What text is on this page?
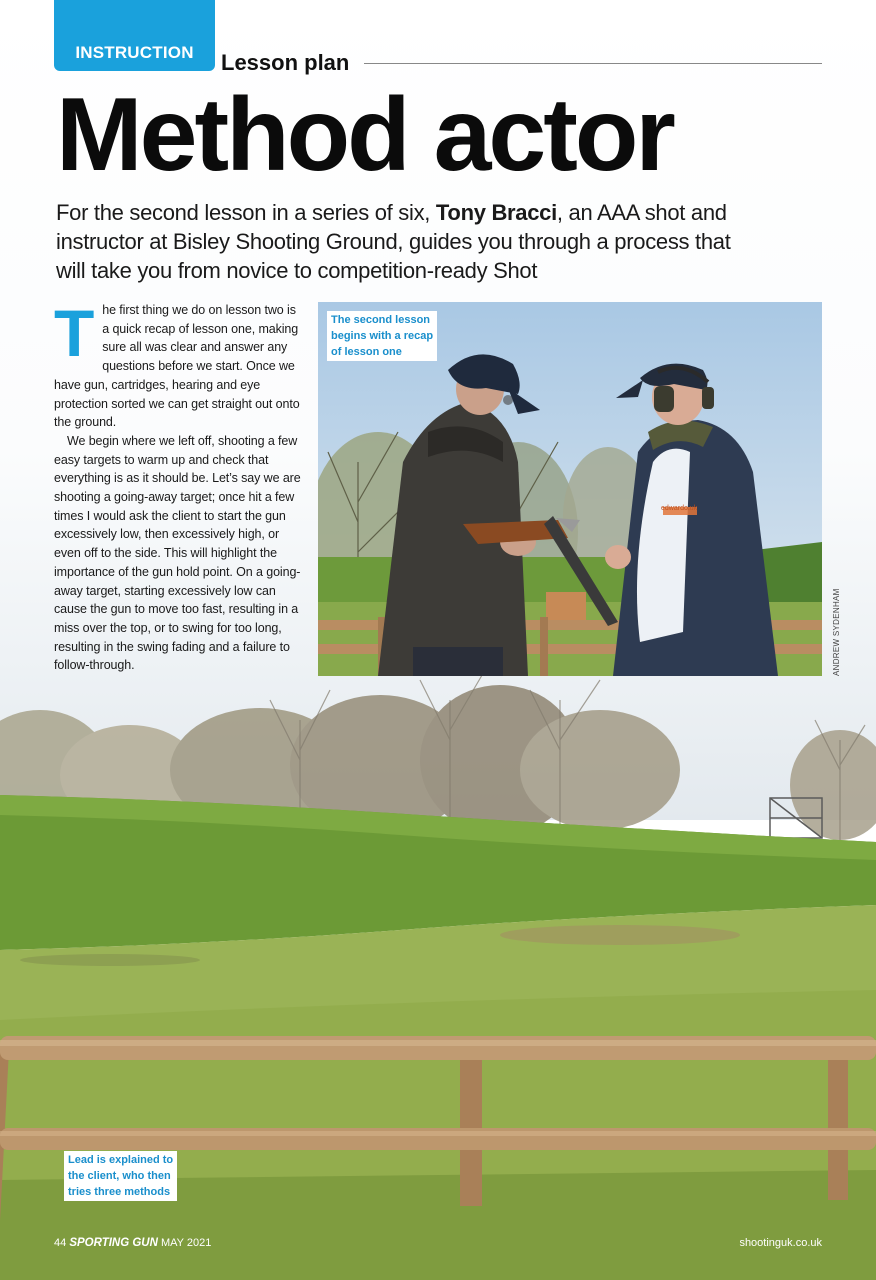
INSTRUCTION	Lesson plan
Method actor

For the second lesson in a series of six, Tony Bracci, an AAA shot and instructor at Bisley Shooting Ground, guides you through a process that will take you from novice to competition-ready Shot

T he first thing we do on lesson two is a quick recap of lesson one, making sure all was clear and answer any questions before we start. Once we have gun, cartridges, hearing and eye protection sorted we can get straight out onto the ground.

We begin where we left off, shooting a few easy targets to warm up and check that everything is as it should be. Let’s say we are shooting a going-away target; once hit a few times I would ask the client to start the gun excessively low, then excessively high, or even off to the side. This will highlight the importance of the gun hold point. On a going-away target, starting excessively low can cause the gun to move too fast, resulting in a miss over the top, or to swing for too long, resulting in the swing fading and a failure to follow-through.

edwardo.uk
The second lesson
begins with a recap
of lesson one
ANDREW SYDENHAM
Lead is explained to
the client, who then
tries three methods
44 SPORTING GUN MAY 2021	shootinguk.co.uk
